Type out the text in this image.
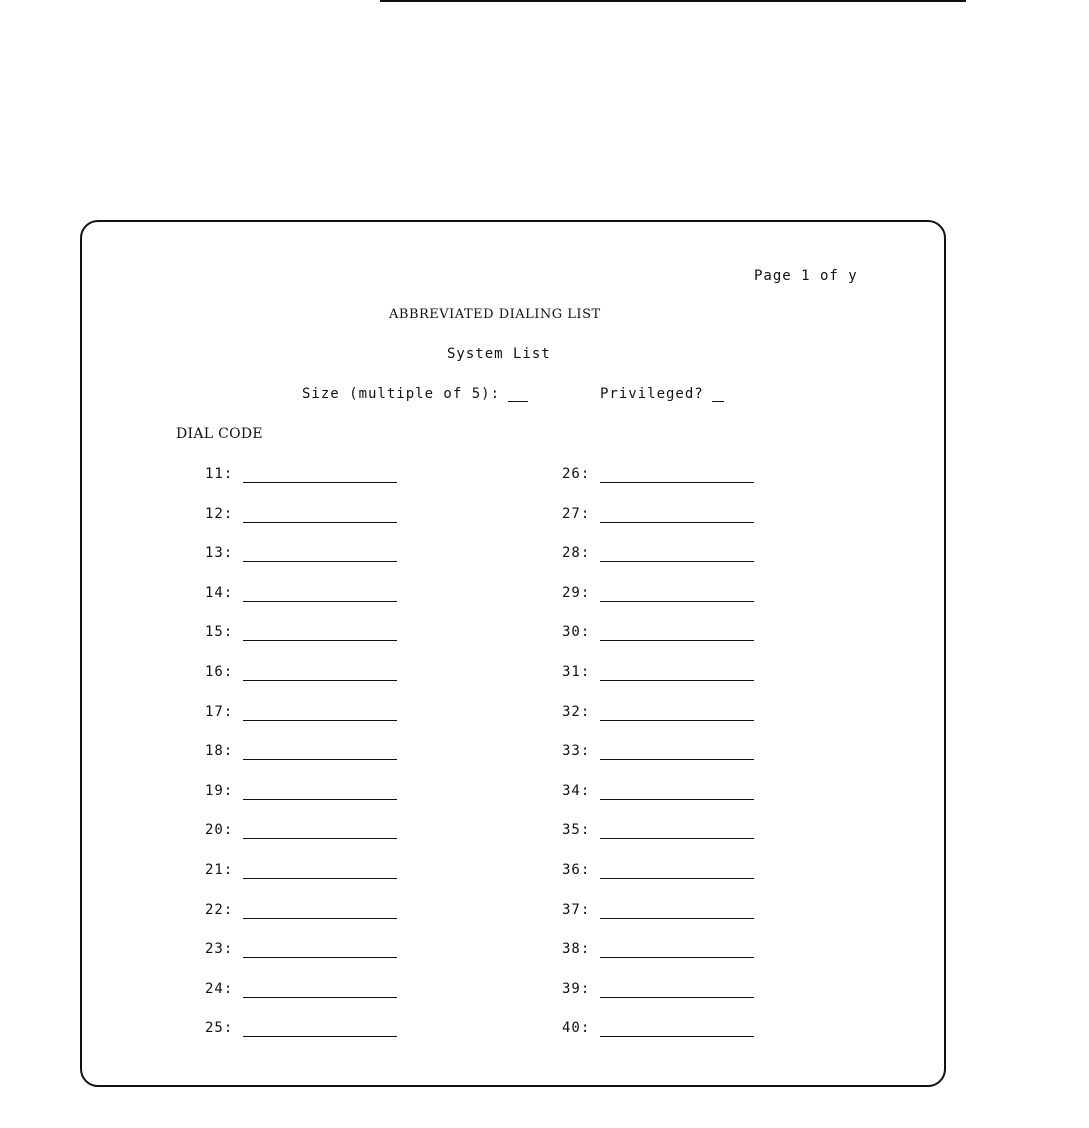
Page 1 of y
ABBREVIATED DIALING LIST
System List
Size (multiple of 5):	Privileged?
DIAL CODE
11:
12:
13:
14:
15:
16:
17:
18:
19:
20:
21:
22:
23:
24:
25:
26:
27:
28:
29:
30:
31:
32:
33:
34:
35:
36:
37:
38:
39:
40:
